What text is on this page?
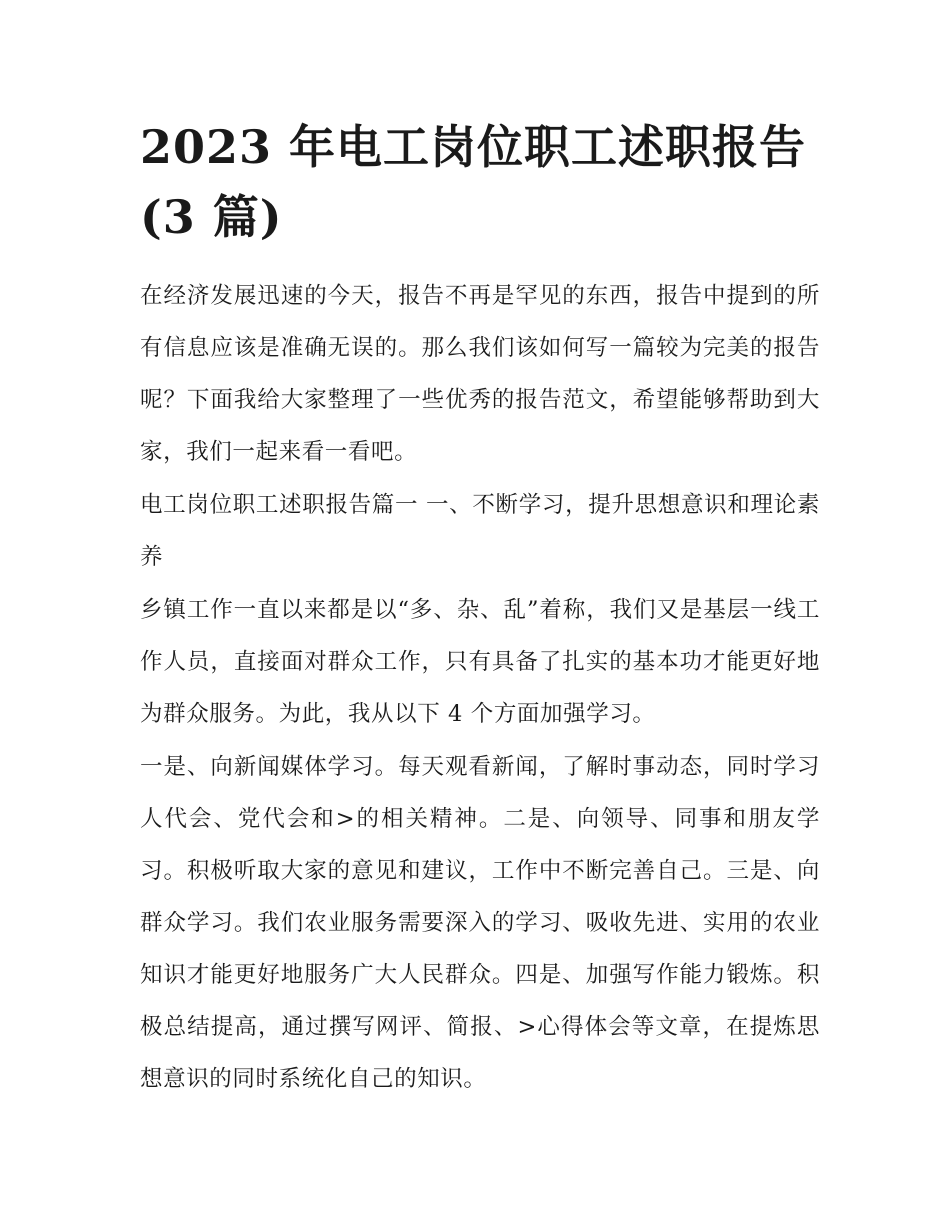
2023 年电工岗位职工述职报告 (3 篇)

在经济发展迅速的今天，报告不再是罕见的东西，报告中提到的所有信息应该是准确无误的。那么我们该如何写一篇较为完美的报告呢？下面我给大家整理了一些优秀的报告范文，希望能够帮助到大家，我们一起来看一看吧。

电工岗位职工述职报告篇一 一、不断学习，提升思想意识和理论素养

乡镇工作一直以来都是以“多、杂、乱”着称，我们又是基层一线工作人员，直接面对群众工作，只有具备了扎实的基本功才能更好地为群众服务。为此，我从以下 4 个方面加强学习。

一是、向新闻媒体学习。每天观看新闻，了解时事动态，同时学习人代会、党代会和>的相关精神。二是、向领导、同事和朋友学习。积极听取大家的意见和建议，工作中不断完善自己。三是、向群众学习。我们农业服务需要深入的学习、吸收先进、实用的农业知识才能更好地服务广大人民群众。四是、加强写作能力锻炼。积极总结提高，通过撰写网评、简报、>心得体会等文章，在提炼思想意识的同时系统化自己的知识。
